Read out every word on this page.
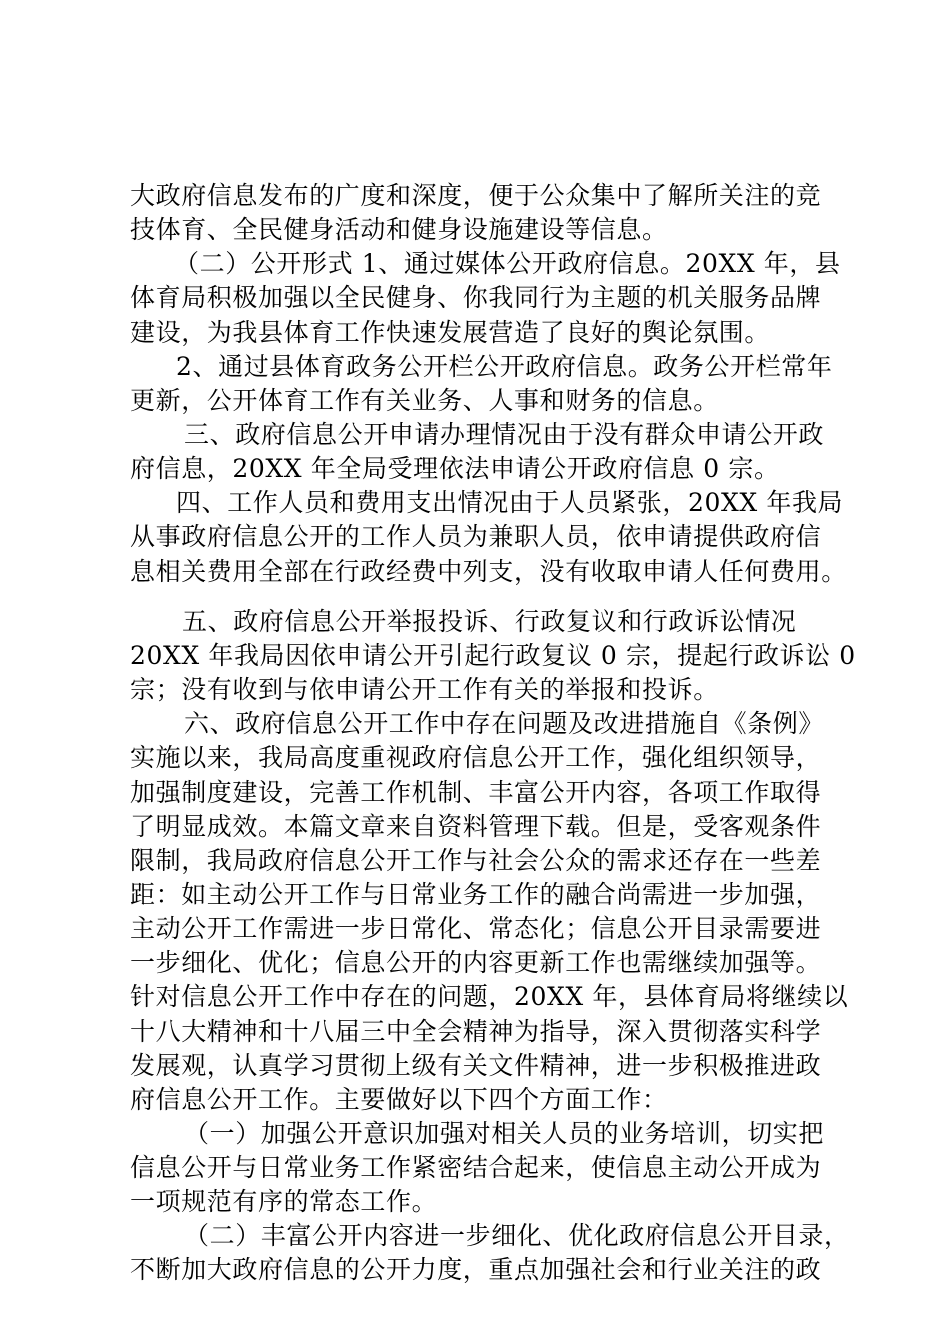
大政府信息发布的广度和深度，便于公众集中了解所关注的竞
技体育、全民健身活动和健身设施建设等信息。
（二）公开形式 1、通过媒体公开政府信息。20XX 年，县
体育局积极加强以全民健身、你我同行为主题的机关服务品牌
建设，为我县体育工作快速发展营造了良好的舆论氛围。
2、通过县体育政务公开栏公开政府信息。政务公开栏常年
更新，公开体育工作有关业务、人事和财务的信息。
三、政府信息公开申请办理情况由于没有群众申请公开政
府信息，20XX 年全局受理依法申请公开政府信息 0 宗。
四、工作人员和费用支出情况由于人员紧张，20XX 年我局
从事政府信息公开的工作人员为兼职人员，依申请提供政府信
息相关费用全部在行政经费中列支，没有收取申请人任何费用。
五、政府信息公开举报投诉、行政复议和行政诉讼情况
20XX 年我局因依申请公开引起行政复议 0 宗，提起行政诉讼 0
宗；没有收到与依申请公开工作有关的举报和投诉。
六、政府信息公开工作中存在问题及改进措施自《条例》
实施以来，我局高度重视政府信息公开工作，强化组织领导，
加强制度建设，完善工作机制、丰富公开内容，各项工作取得
了明显成效。本篇文章来自资料管理下载。但是，受客观条件
限制，我局政府信息公开工作与社会公众的需求还存在一些差
距：如主动公开工作与日常业务工作的融合尚需进一步加强，
主动公开工作需进一步日常化、常态化；信息公开目录需要进
一步细化、优化；信息公开的内容更新工作也需继续加强等。
针对信息公开工作中存在的问题，20XX 年，县体育局将继续以
十八大精神和十八届三中全会精神为指导，深入贯彻落实科学
发展观，认真学习贯彻上级有关文件精神，进一步积极推进政
府信息公开工作。主要做好以下四个方面工作：
（一）加强公开意识加强对相关人员的业务培训，切实把
信息公开与日常业务工作紧密结合起来，使信息主动公开成为
一项规范有序的常态工作。
（二）丰富公开内容进一步细化、优化政府信息公开目录，
不断加大政府信息的公开力度，重点加强社会和行业关注的政
